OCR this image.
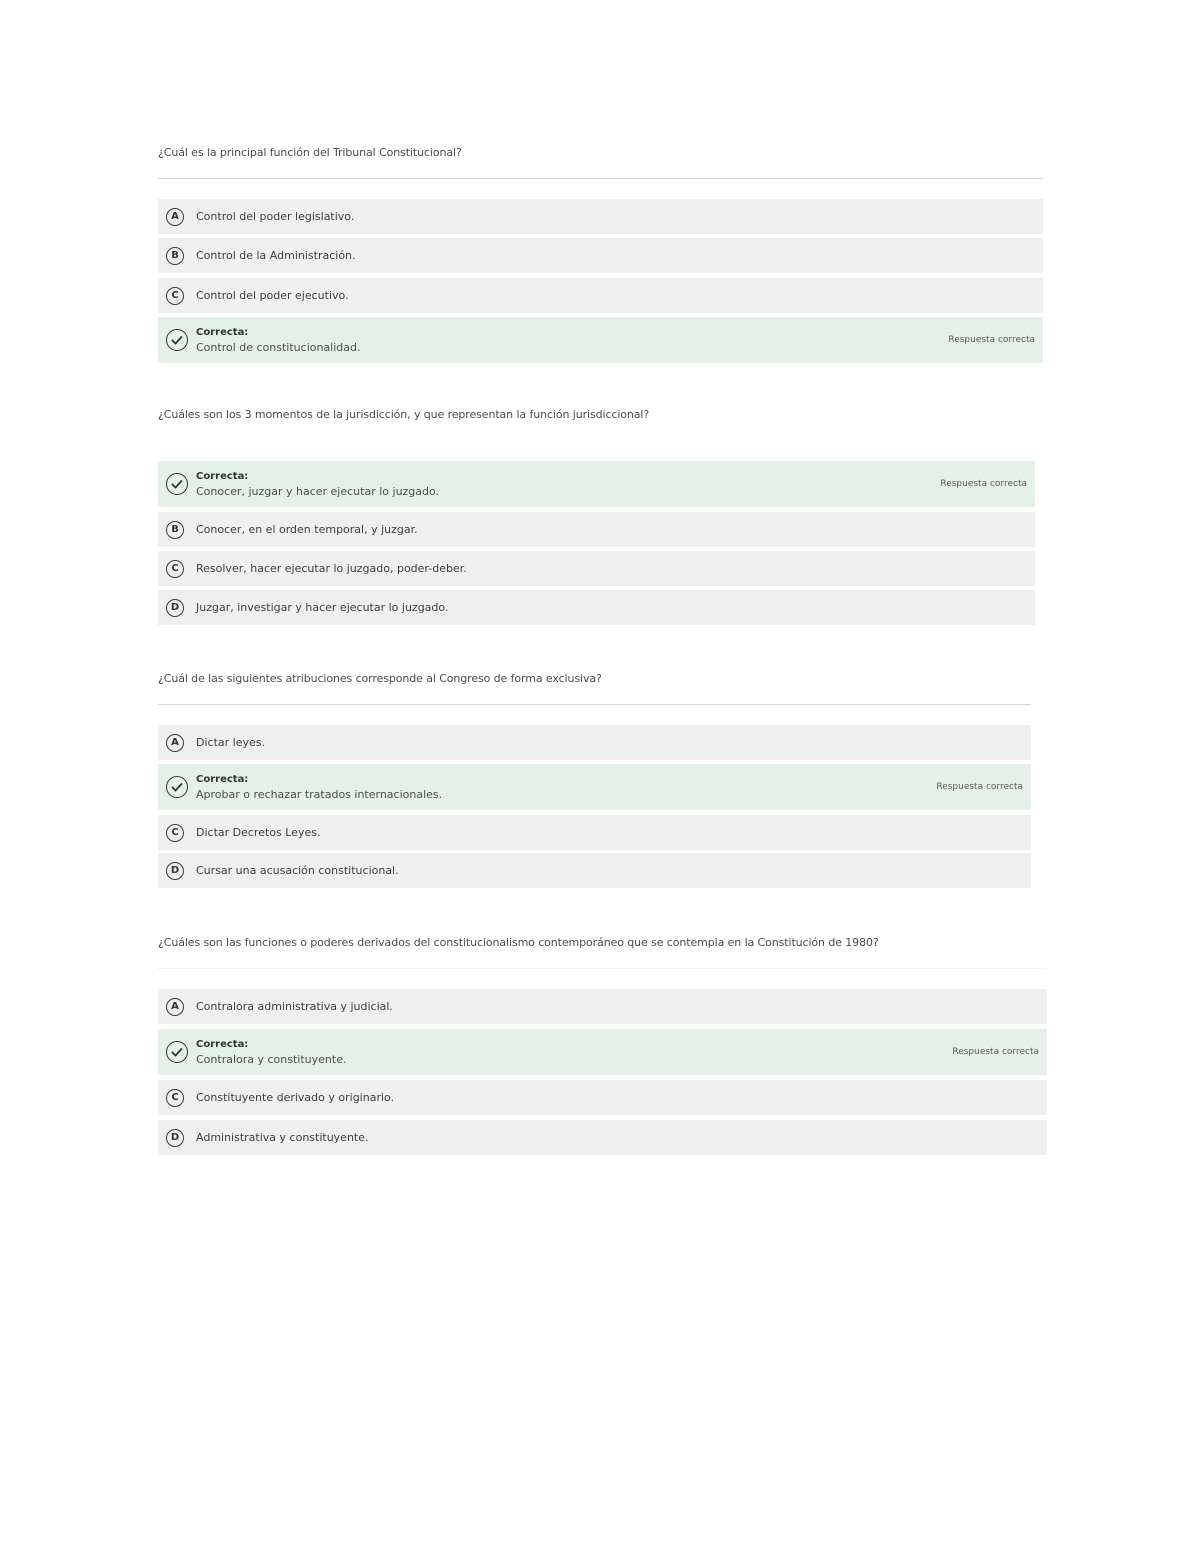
¿Cuál es la principal función del Tribunal Constitucional?
A	Control del poder legislativo.
B	Control de la Administración.
C	Control del poder ejecutivo.
Correcta:
Control de constitucionalidad.
Respuesta correcta
¿Cuáles son los 3 momentos de la jurisdicción, y que representan la función jurisdiccional?
Correcta:
Conocer, juzgar y hacer ejecutar lo juzgado.
Respuesta correcta
B	Conocer, en el orden temporal, y juzgar.
C	Resolver, hacer ejecutar lo juzgado, poder-deber.
D	Juzgar, investigar y hacer ejecutar lo juzgado.
¿Cuál de las siguientes atribuciones corresponde al Congreso de forma exclusiva?
A	Dictar leyes.
Correcta:
Aprobar o rechazar tratados internacionales.
Respuesta correcta
C	Dictar Decretos Leyes.
D	Cursar una acusación constitucional.
¿Cuáles son las funciones o poderes derivados del constitucionalismo contemporáneo que se contempla en la Constitución de 1980?
A	Contralora administrativa y judicial.
Correcta:
Contralora y constituyente.
Respuesta correcta
C	Constituyente derivado y originario.
D	Administrativa y constituyente.
